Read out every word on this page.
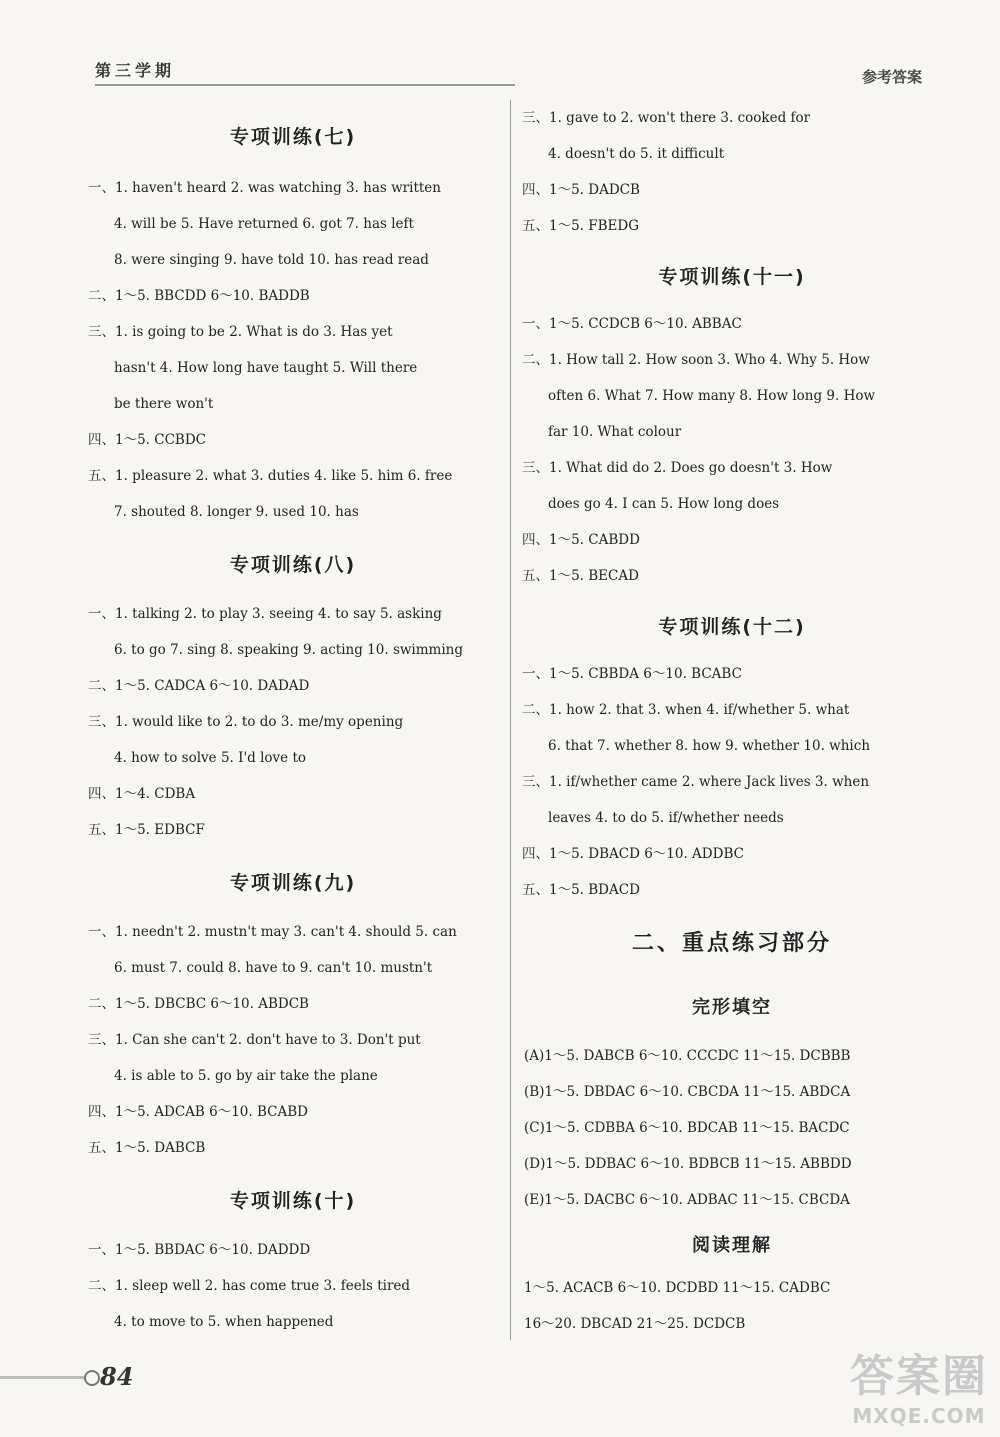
第三学期	参考答案
专项训练(七)
一、1. haven't heard 2. was watching 3. has written
4. will be 5. Have returned 6. got 7. has left
8. were singing 9. have told 10. has read read
二、1～5. BBCDD 6～10. BADDB
三、1. is going to be 2. What is do 3. Has yet
hasn't 4. How long have taught 5. Will there
be there won't
四、1～5. CCBDC
五、1. pleasure 2. what 3. duties 4. like 5. him 6. free
7. shouted 8. longer 9. used 10. has
专项训练(八)
一、1. talking 2. to play 3. seeing 4. to say 5. asking
6. to go 7. sing 8. speaking 9. acting 10. swimming
二、1～5. CADCA 6～10. DADAD
三、1. would like to 2. to do 3. me/my opening
4. how to solve 5. I'd love to
四、1～4. CDBA
五、1～5. EDBCF
专项训练(九)
一、1. needn't 2. mustn't may 3. can't 4. should 5. can
6. must 7. could 8. have to 9. can't 10. mustn't
二、1～5. DBCBC 6～10. ABDCB
三、1. Can she can't 2. don't have to 3. Don't put
4. is able to 5. go by air take the plane
四、1～5. ADCAB 6～10. BCABD
五、1～5. DABCB
专项训练(十)
一、1～5. BBDAC 6～10. DADDD
二、1. sleep well 2. has come true 3. feels tired
4. to move to 5. when happened
三、1. gave to 2. won't there 3. cooked for
4. doesn't do 5. it difficult
四、1～5. DADCB
五、1～5. FBEDG
专项训练(十一)
一、1～5. CCDCB 6～10. ABBAC
二、1. How tall 2. How soon 3. Who 4. Why 5. How
often 6. What 7. How many 8. How long 9. How
far 10. What colour
三、1. What did do 2. Does go doesn't 3. How
does go 4. I can 5. How long does
四、1～5. CABDD
五、1～5. BECAD
专项训练(十二)
一、1～5. CBBDA 6～10. BCABC
二、1. how 2. that 3. when 4. if/whether 5. what
6. that 7. whether 8. how 9. whether 10. which
三、1. if/whether came 2. where Jack lives 3. when
leaves 4. to do 5. if/whether needs
四、1～5. DBACD 6～10. ADDBC
五、1～5. BDACD
二、重点练习部分
完形填空
(A)1～5. DABCB 6～10. CCCDC 11～15. DCBBB
(B)1～5. DBDAC 6～10. CBCDA 11～15. ABDCA
(C)1～5. CDBBA 6～10. BDCAB 11～15. BACDC
(D)1～5. DDBAC 6～10. BDBCB 11～15. ABBDD
(E)1～5. DACBC 6～10. ADBAC 11～15. CBCDA
阅读理解
1～5. ACACB 6～10. DCDBD 11～15. CADBC
16～20. DBCAD 21～25. DCDCB
84	答案圈
MXQE.COM
